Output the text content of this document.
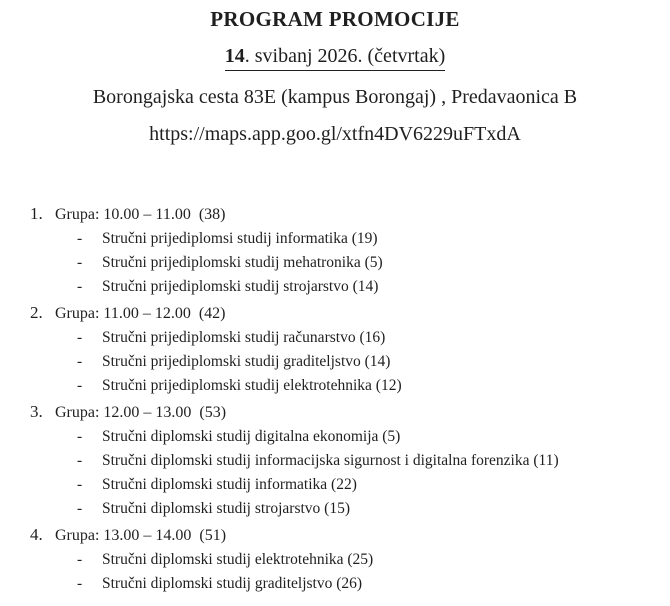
PROGRAM PROMOCIJE
14. svibanj 2026. (četvrtak)
Borongajska cesta 83E (kampus Borongaj) , Predavaonica B
https://maps.app.goo.gl/xtfn4DV6229uFTxdA
1. Grupa: 10.00 – 11.00  (38)
-	Stručni prijediplomsi studij informatika (19)
-	Stručni prijediplomski studij mehatronika (5)
-	Stručni prijediplomski studij strojarstvo (14)
2. Grupa: 11.00 – 12.00  (42)
-	Stručni prijediplomski studij računarstvo (16)
-	Stručni prijediplomski studij graditeljstvo (14)
-	Stručni prijediplomski studij elektrotehnika (12)
3. Grupa: 12.00 – 13.00  (53)
-	Stručni diplomski studij digitalna ekonomija (5)
-	Stručni diplomski studij informacijska sigurnost i digitalna forenzika (11)
-	Stručni diplomski studij informatika (22)
-	Stručni diplomski studij strojarstvo (15)
4. Grupa: 13.00 – 14.00  (51)
-	Stručni diplomski studij elektrotehnika (25)
-	Stručni diplomski studij graditeljstvo (26)
